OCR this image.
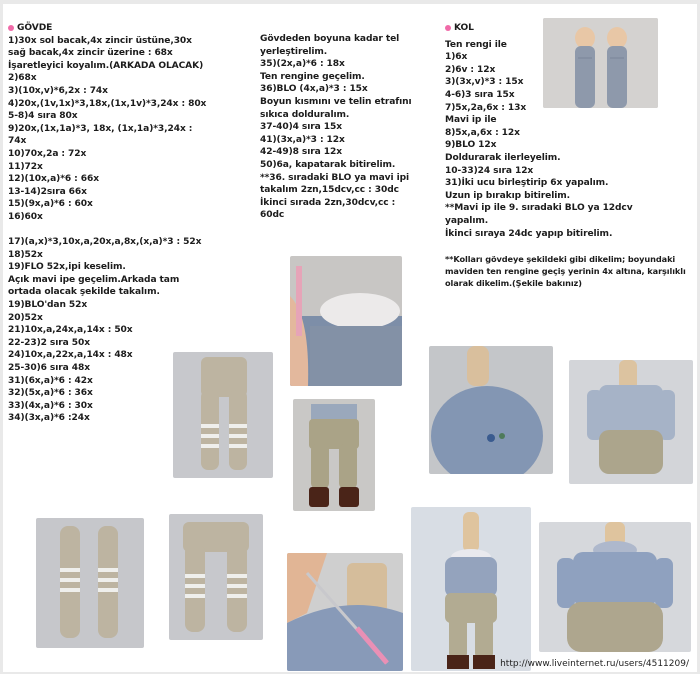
GÖVDE
1)30x sol bacak,4x zincir üstüne,30x
sağ bacak,4x zincir üzerine : 68x
İşaretleyici koyalım.(ARKADA OLACAK)
2)68x
3)(10x,v)*6,2x : 74x
4)20x,(1v,1x)*3,18x,(1x,1v)*3,24x : 80x
5-8)4 sıra 80x
9)20x,(1x,1a)*3, 18x, (1x,1a)*3,24x :
74x
10)70x,2a : 72x
11)72x
12)(10x,a)*6 : 66x
13-14)2sıra 66x
15)(9x,a)*6 : 60x
16)60x
17)(a,x)*3,10x,a,20x,a,8x,(x,a)*3 : 52x
18)52x
19)FLO 52x,ipi keselim.
Açık mavi ipe geçelim.Arkada tam
ortada olacak şekilde takalım.
19)BLO'dan 52x
20)52x
21)10x,a,24x,a,14x : 50x
22-23)2 sıra 50x
24)10x,a,22x,a,14x : 48x
25-30)6 sıra 48x
31)(6x,a)*6 : 42x
32)(5x,a)*6 : 36x
33)(4x,a)*6 : 30x
34)(3x,a)*6 :24x
Gövdeden boyuna kadar tel
yerleştirelim.
35)(2x,a)*6 : 18x
Ten rengine geçelim.
36)BLO (4x,a)*3 : 15x
Boyun kısmını ve telin etrafını
sıkıca dolduralım.
37-40)4 sıra 15x
41)(3x,a)*3 : 12x
42-49)8 sıra 12x
50)6a, kapatarak bitirelim.
**36. sıradaki BLO ya mavi ipi
takalım 2zn,15dcv,cc : 30dc
İkinci sırada 2zn,30dcv,cc :
60dc
KOL
Ten rengi ile
1)6x
2)6v : 12x
3)(3x,v)*3 : 15x
4-6)3 sıra 15x
7)5x,2a,6x : 13x
Mavi ip ile
8)5x,a,6x : 12x
9)BLO 12x
Doldurarak ilerleyelim.
10-33)24 sıra 12x
31)İki ucu birleştirip 6x yapalım.
Uzun ip bırakıp bitirelim.
**Mavi ip ile 9. sıradaki BLO ya 12dcv
yapalım.
İkinci sıraya 24dc yapıp bitirelim.
**Kolları gövdeye şekildeki gibi dikelim; boyundaki maviden ten rengine geçiş yerinin 4x altına, karşılıklı olarak dikelim.(Şekile bakınız)
http://www.liveinternet.ru/users/4511209/
